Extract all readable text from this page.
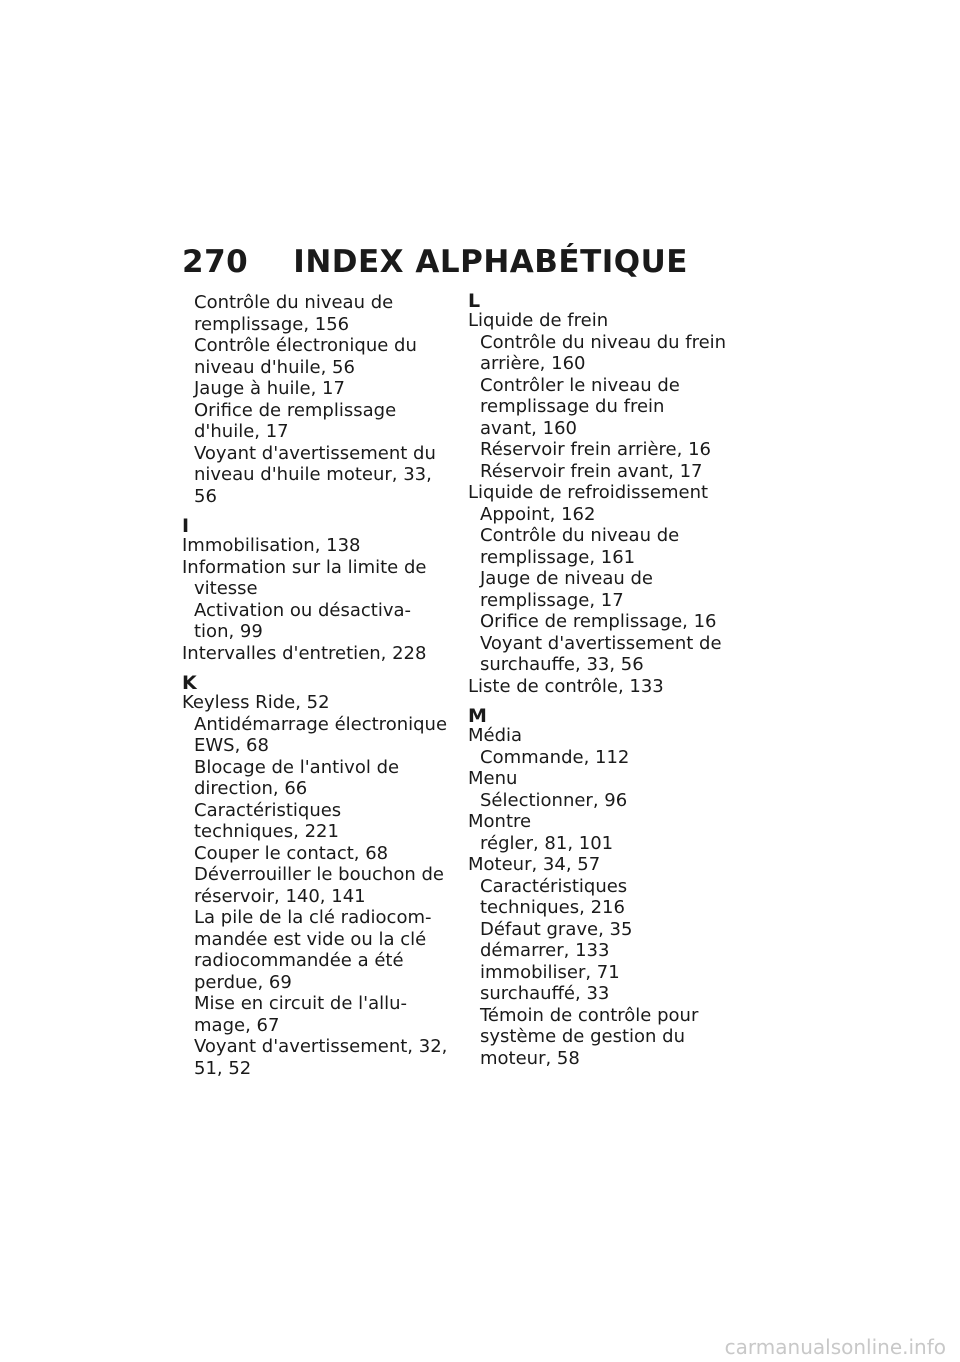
270 INDEX ALPHABÉTIQUE

Contrôle du niveau de

remplissage, 156

Contrôle électronique du

niveau d'huile, 56

Jauge à huile, 17

Orifice de remplissage

d'huile, 17

Voyant d'avertissement du

niveau d'huile moteur, 33, 56

I

Immobilisation, 138

Information sur la limite de

vitesse

Activation ou désactiva-

tion, 99

Intervalles d'entretien, 228

K

Keyless Ride, 52

Antidémarrage électronique

EWS, 68

Blocage de l'antivol de

direction, 66

Caractéristiques

techniques, 221

Couper le contact, 68

Déverrouiller le bouchon de

réservoir, 140, 141

La pile de la clé radiocom-

mandée est vide ou la clé

radiocommandée a été

perdue, 69

Mise en circuit de l'allu-

mage, 67

Voyant d'avertissement, 32,

51, 52

L

Liquide de frein

Contrôle du niveau du frein

arrière, 160

Contrôler le niveau de

remplissage du frein

avant, 160

Réservoir frein arrière, 16

Réservoir frein avant, 17

Liquide de refroidissement

Appoint, 162

Contrôle du niveau de

remplissage, 161

Jauge de niveau de

remplissage, 17

Orifice de remplissage, 16

Voyant d'avertissement de

surchauffe, 33, 56

Liste de contrôle, 133

M

Média

Commande, 112

Menu

Sélectionner, 96

Montre

régler, 81, 101

Moteur, 34, 57

Caractéristiques

techniques, 216

Défaut grave, 35

démarrer, 133

immobiliser, 71

surchauffé, 33

Témoin de contrôle pour

système de gestion du

moteur, 58

carmanualsonline.info
